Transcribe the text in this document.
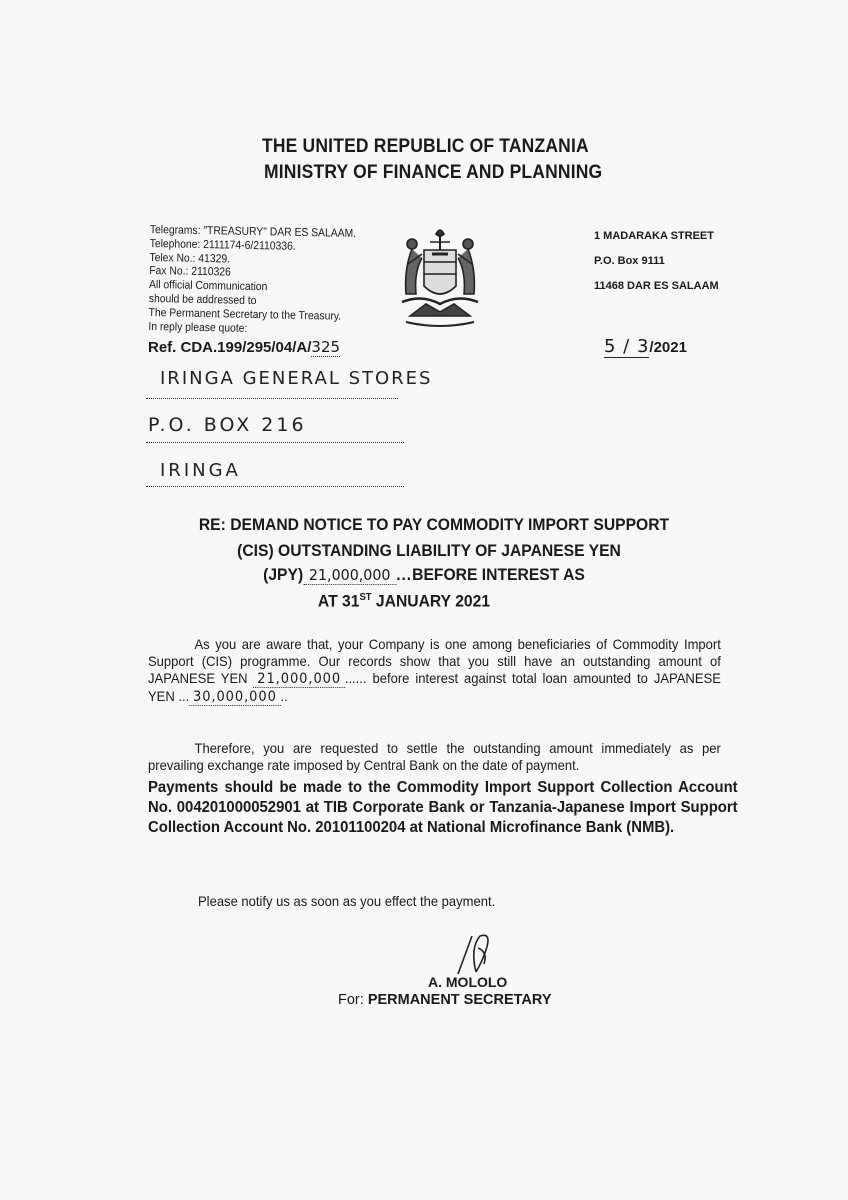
THE UNITED REPUBLIC OF TANZANIA
MINISTRY OF FINANCE AND PLANNING
Telegrams: "TREASURY" DAR ES SALAAM.
Telephone: 2111174-6/2110336.
Telex No.: 41329.
Fax No.: 2110326
All official Communication
should be addressed to
The Permanent Secretary to the Treasury.
In reply please quote:
1 MADARAKA STREET
P.O. Box 9111
11468 DAR ES SALAAM
Ref. CDA.199/295/04/A/325	5 / 3/2021
IRINGA GENERAL STORES
P.O. BOX 216
IRINGA
RE: DEMAND NOTICE TO PAY COMMODITY IMPORT SUPPORT
(CIS) OUTSTANDING LIABILITY OF JAPANESE YEN
(JPY) 21,000,000 ...BEFORE INTEREST AS
AT 31ST JANUARY 2021
As you are aware that, your Company is one among beneficiaries of Commodity Import Support (CIS) programme. Our records show that you still have an outstanding amount of JAPANESE YEN 21,000,000 ...... before interest against total loan amounted to JAPANESE YEN ... 30,000,000 ..
Therefore, you are requested to settle the outstanding amount immediately as per prevailing exchange rate imposed by Central Bank on the date of payment.
Payments should be made to the Commodity Import Support Collection Account No. 004201000052901 at TIB Corporate Bank or Tanzania-Japanese Import Support Collection Account No. 20101100204 at National Microfinance Bank (NMB).
Please notify us as soon as you effect the payment.
A. MOLOLO
For: PERMANENT SECRETARY
